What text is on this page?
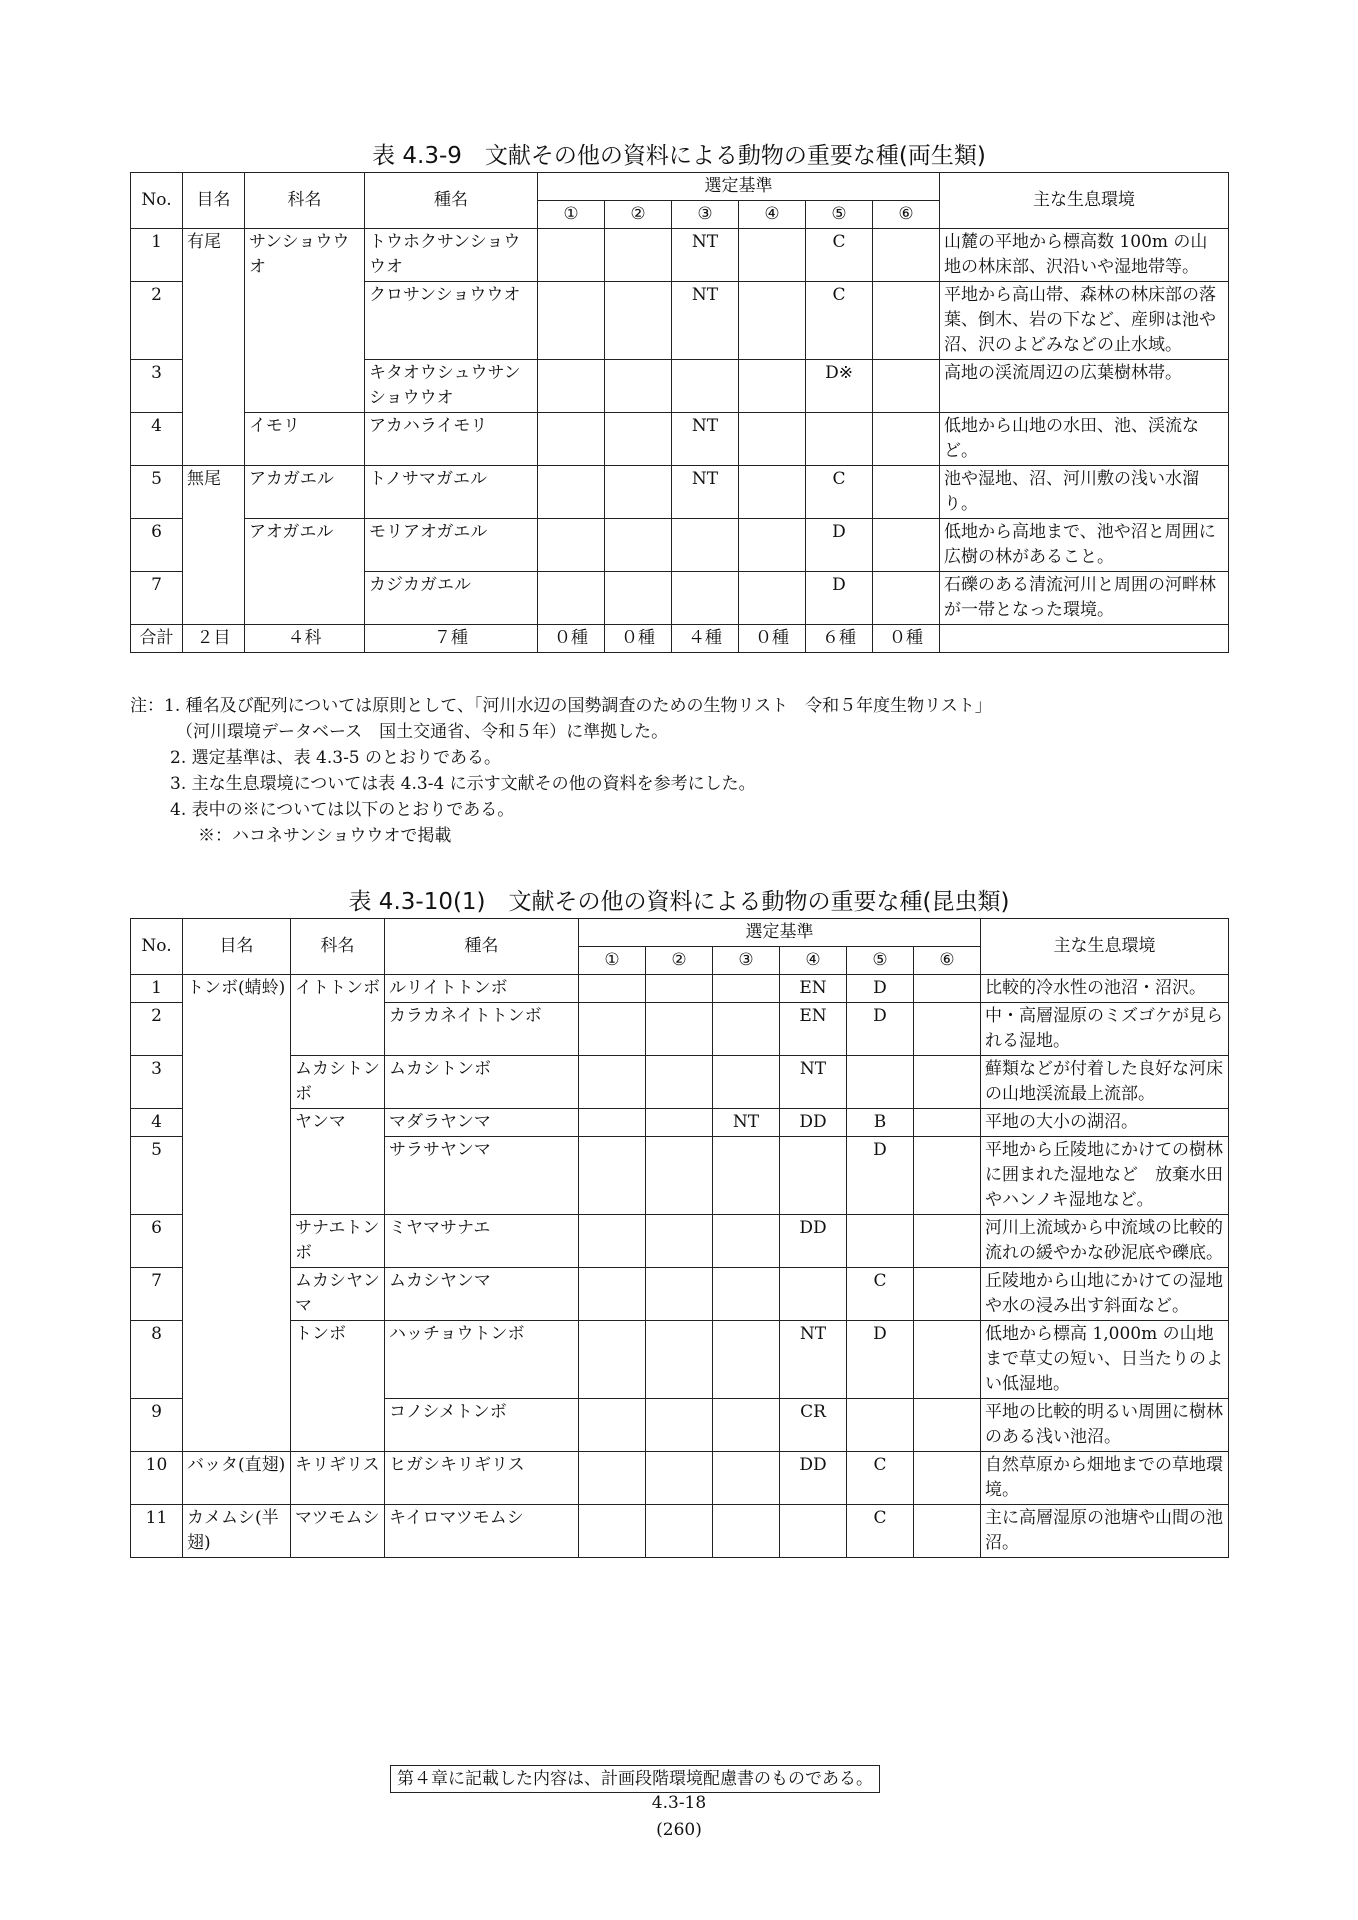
表 4.3-9　文献その他の資料による動物の重要な種(両生類)
No.	目名	科名	種名	選定基準						主な生息環境
				①	②	③	④	⑤	⑥	
1	有尾	サンショウウオ	トウホクサンショウウオ			NT		C		山麓の平地から標高数 100m の山地の林床部、沢沿いや湿地帯等。
2			クロサンショウウオ			NT		C		平地から高山帯、森林の林床部の落葉、倒木、岩の下など、産卵は池や沼、沢のよどみなどの止水域。
3			キタオウシュウサンショウウオ					D※		高地の渓流周辺の広葉樹林帯。
4		イモリ	アカハライモリ			NT				低地から山地の水田、池、渓流など。
5	無尾	アカガエル	トノサマガエル			NT		C		池や湿地、沼、河川敷の浅い水溜り。
6		アオガエル	モリアオガエル					D		低地から高地まで、池や沼と周囲に広樹の林があること。
7			カジカガエル					D		石礫のある清流河川と周囲の河畔林が一帯となった環境。
合計	２目	４科	７種	０種	０種	４種	０種	６種	０種	
注：1. 種名及び配列については原則として、「河川水辺の国勢調査のための生物リスト　令和５年度生物リスト」
（河川環境データベース　国土交通省、令和５年）に準拠した。
2. 選定基準は、表 4.3-5 のとおりである。
3. 主な生息環境については表 4.3-4 に示す文献その他の資料を参考にした。
4. 表中の※については以下のとおりである。
※：ハコネサンショウウオで掲載
表 4.3-10(1)　文献その他の資料による動物の重要な種(昆虫類)
No.	目名	科名	種名	選定基準						主な生息環境
				①	②	③	④	⑤	⑥	
1	トンボ(蜻蛉)	イトトンボ	ルリイトトンボ				EN	D		比較的冷水性の池沼・沼沢。
2			カラカネイトトンボ				EN	D		中・高層湿原のミズゴケが見られる湿地。
3		ムカシトンボ	ムカシトンボ				NT			蘚類などが付着した良好な河床の山地渓流最上流部。
4		ヤンマ	マダラヤンマ			NT	DD	B		平地の大小の湖沼。
5			サラサヤンマ					D		平地から丘陵地にかけての樹林に囲まれた湿地など　放棄水田やハンノキ湿地など。
6		サナエトンボ	ミヤマサナエ				DD			河川上流域から中流域の比較的流れの緩やかな砂泥底や礫底。
7		ムカシヤンマ	ムカシヤンマ					C		丘陵地から山地にかけての湿地や水の浸み出す斜面など。
8		トンボ	ハッチョウトンボ				NT	D		低地から標高 1,000m の山地まで草丈の短い、日当たりのよい低湿地。
9			コノシメトンボ				CR			平地の比較的明るい周囲に樹林のある浅い池沼。
10	バッタ(直翅)	キリギリス	ヒガシキリギリス				DD	C		自然草原から畑地までの草地環境。
11	カメムシ(半翅)	マツモムシ	キイロマツモムシ					C		主に高層湿原の池塘や山間の池沼。
第４章に記載した内容は、計画段階環境配慮書のものである。
4.3-18
(260)
